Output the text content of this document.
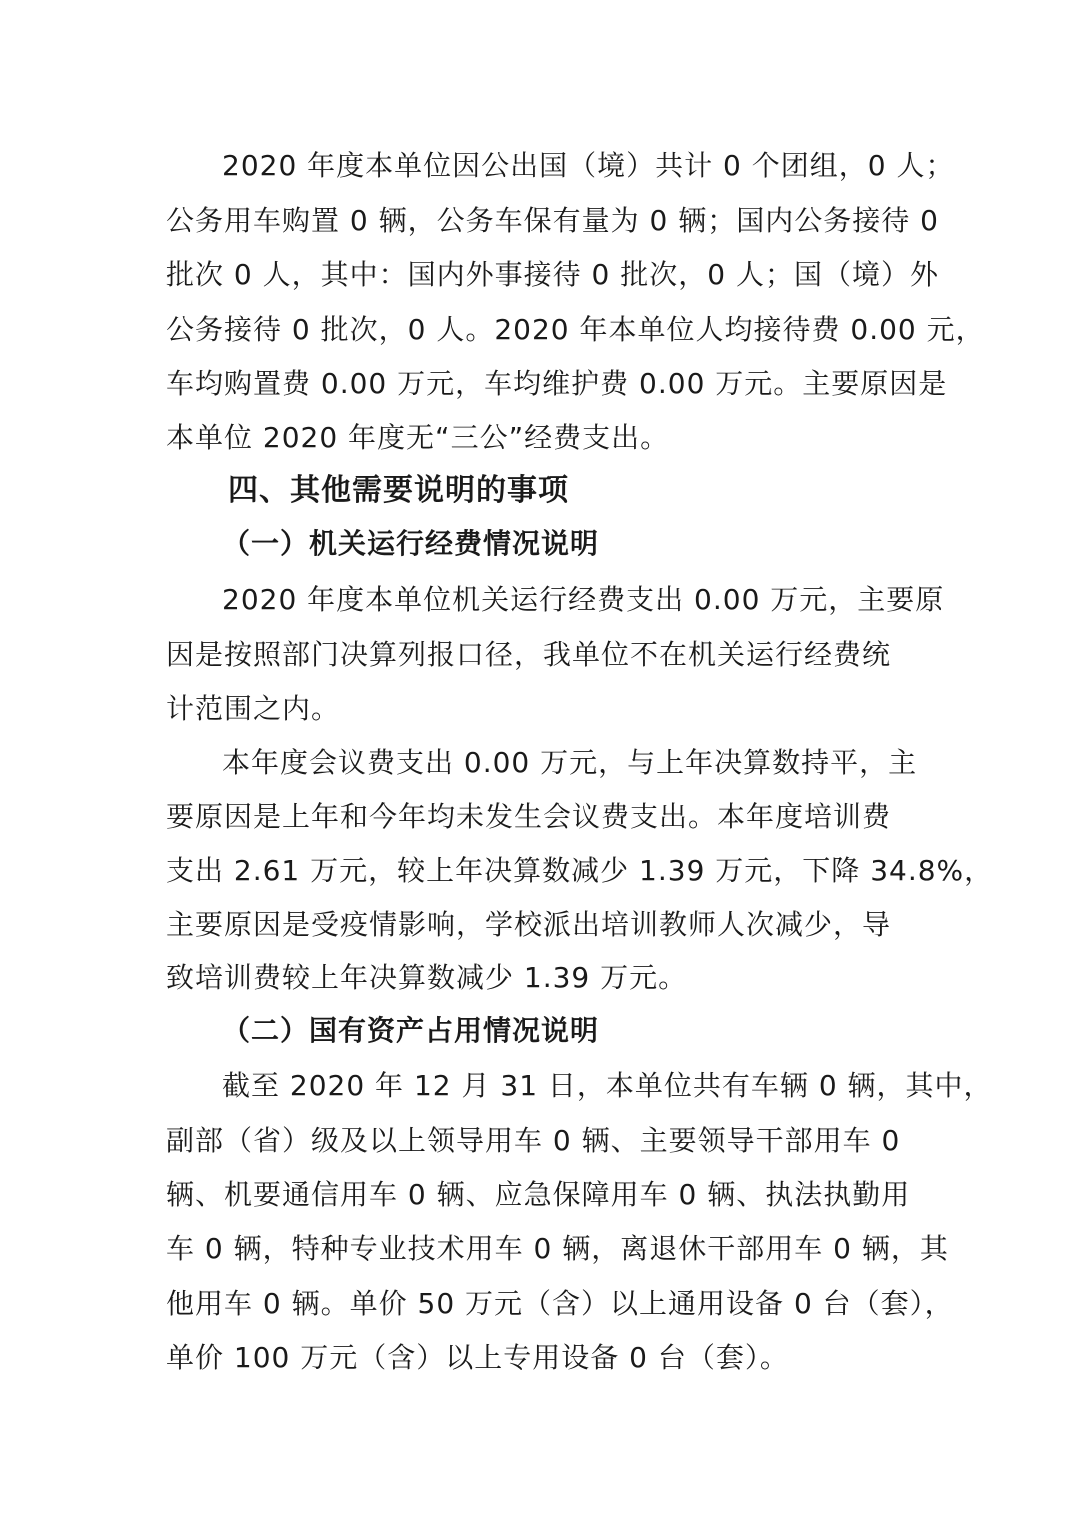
2020 年度本单位因公出国（境）共计 0 个团组，0 人；
公务用车购置 0 辆，公务车保有量为 0 辆；国内公务接待 0
批次 0 人，其中：国内外事接待 0 批次，0 人；国（境）外
公务接待 0 批次，0 人。2020 年本单位人均接待费 0.00 元，
车均购置费 0.00 万元，车均维护费 0.00 万元。主要原因是
本单位 2020 年度无“三公”经费支出。
四、其他需要说明的事项
（一）机关运行经费情况说明
2020 年度本单位机关运行经费支出 0.00 万元，主要原
因是按照部门决算列报口径，我单位不在机关运行经费统
计范围之内。
本年度会议费支出 0.00 万元，与上年决算数持平，主
要原因是上年和今年均未发生会议费支出。本年度培训费
支出 2.61 万元，较上年决算数减少 1.39 万元，下降 34.8%，
主要原因是受疫情影响，学校派出培训教师人次减少，导
致培训费较上年决算数减少 1.39 万元。
（二）国有资产占用情况说明
截至 2020 年 12 月 31 日，本单位共有车辆 0 辆，其中，
副部（省）级及以上领导用车 0 辆、主要领导干部用车 0
辆、机要通信用车 0 辆、应急保障用车 0 辆、执法执勤用
车 0 辆，特种专业技术用车 0 辆，离退休干部用车 0 辆，其
他用车 0 辆。单价 50 万元（含）以上通用设备 0 台（套），
单价 100 万元（含）以上专用设备 0 台（套）。
